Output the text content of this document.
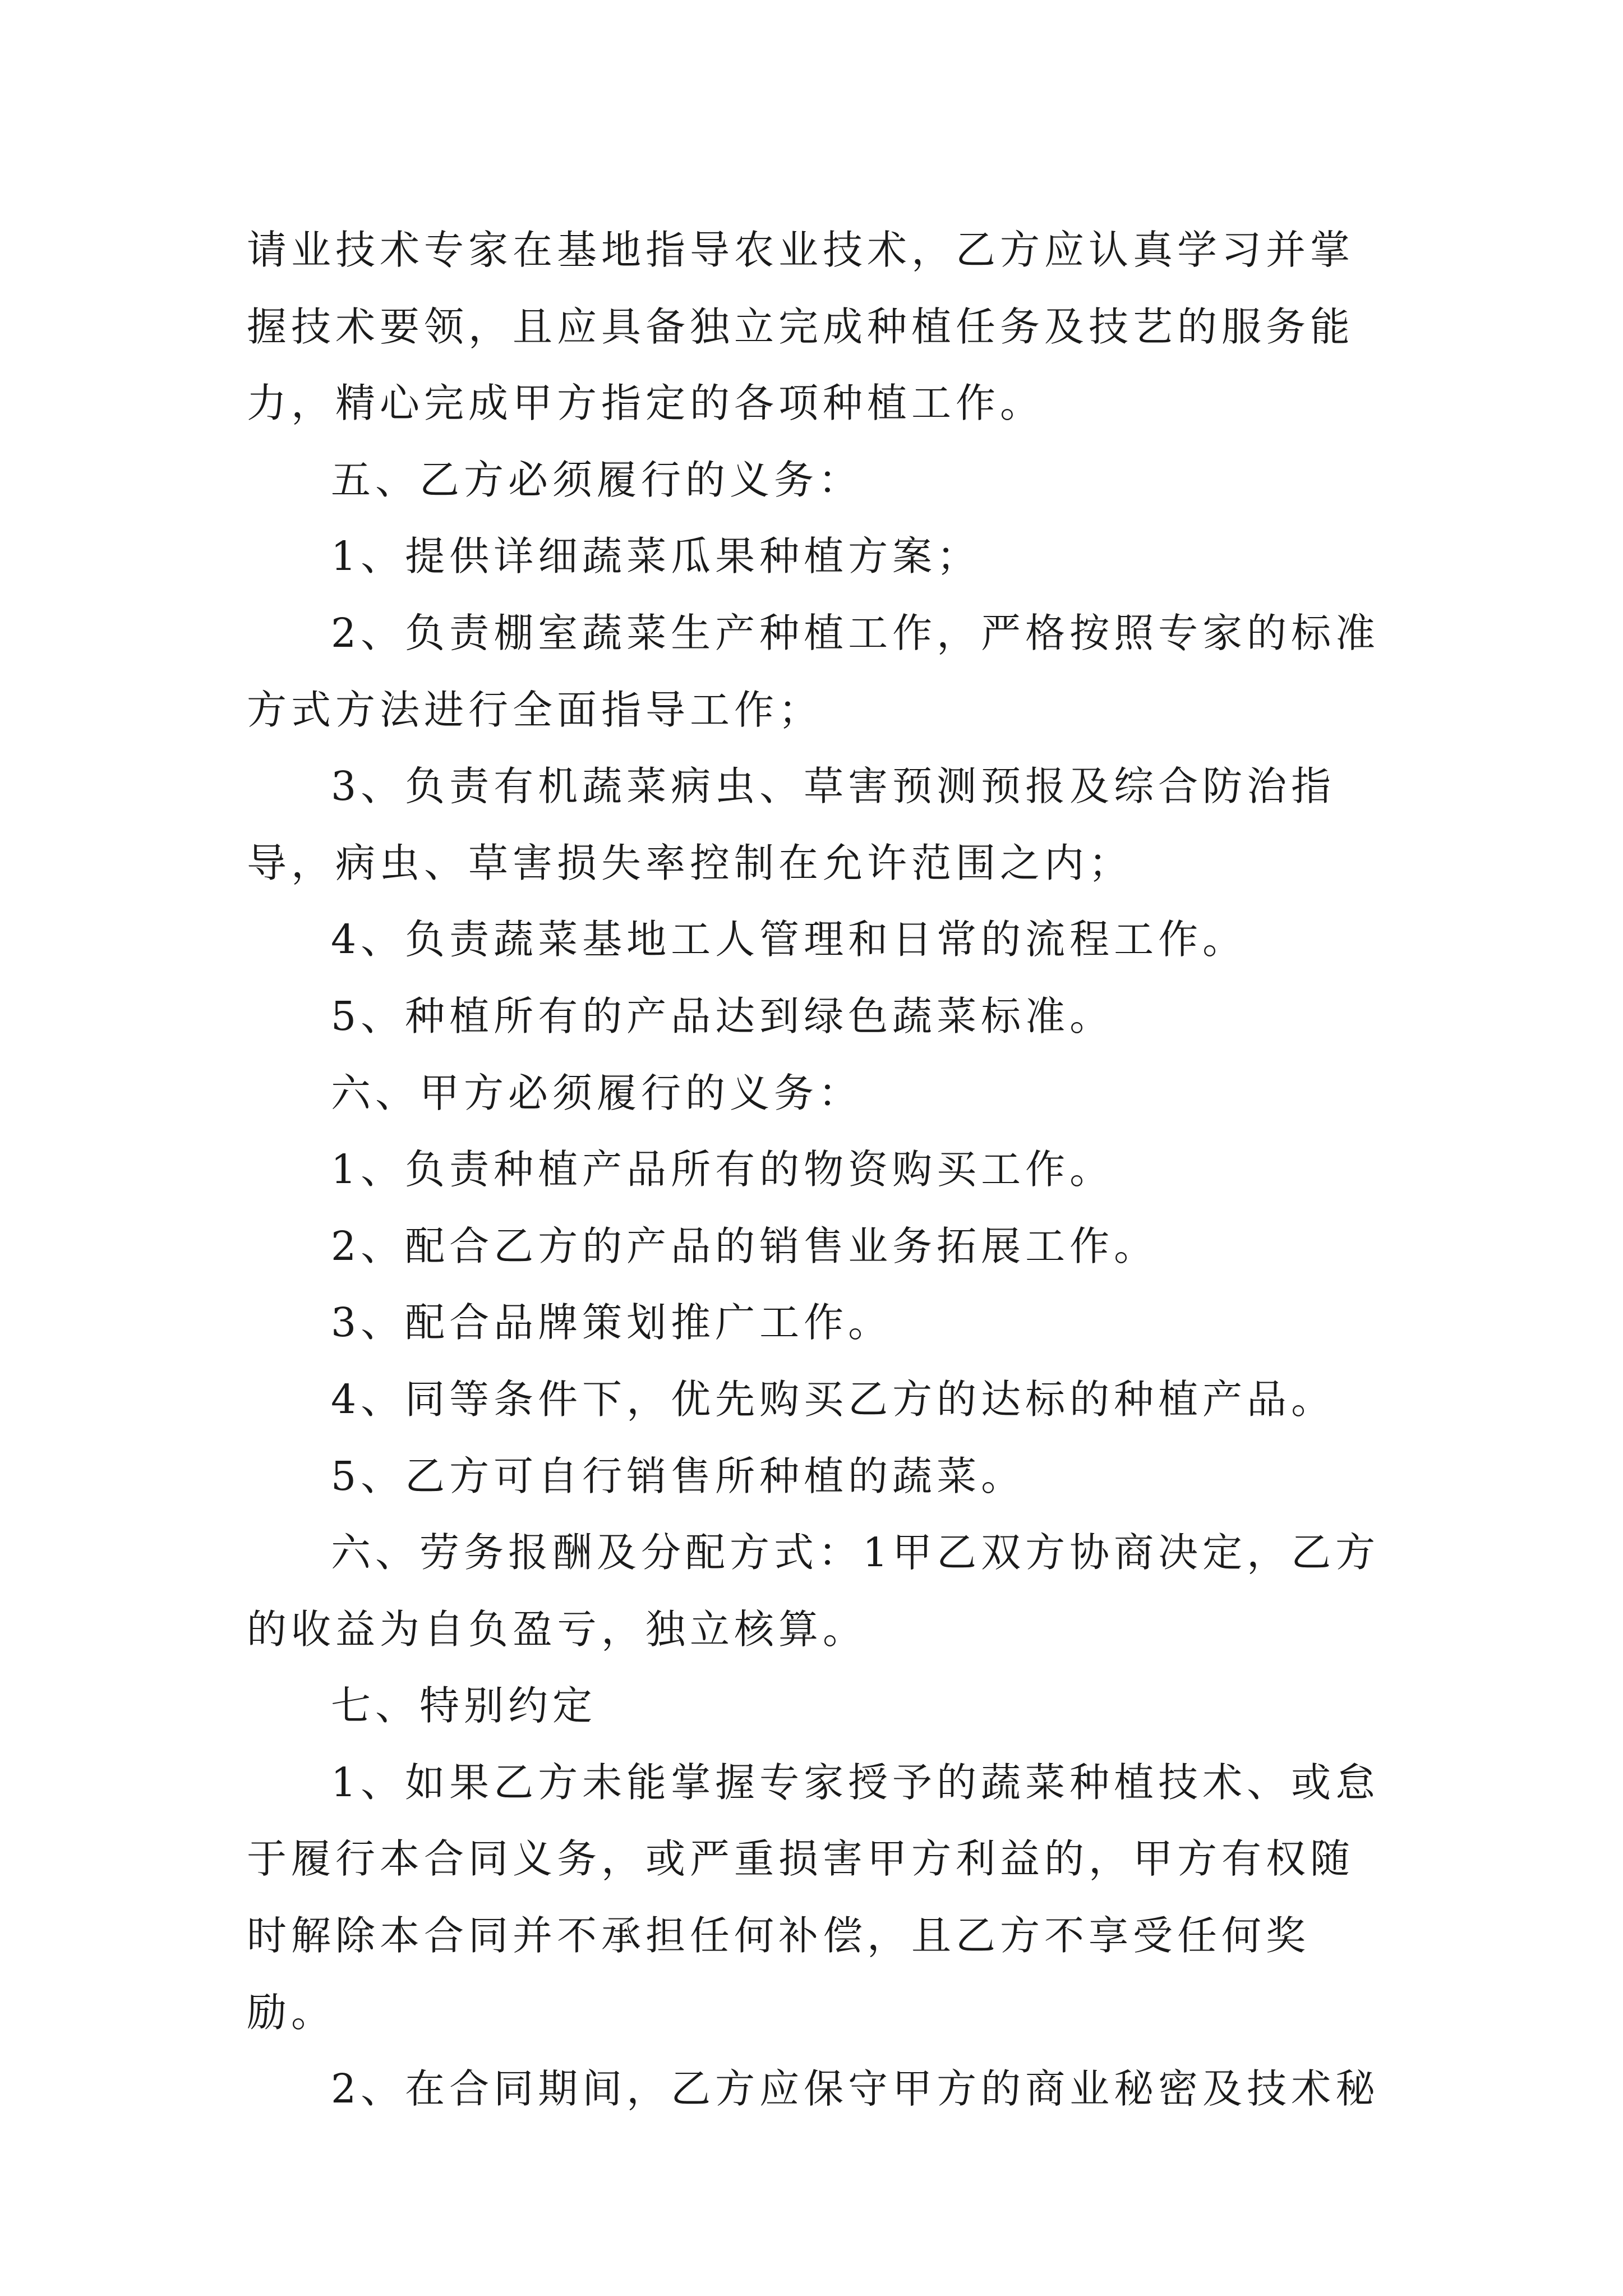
请业技术专家在基地指导农业技术，乙方应认真学习并掌握技术要领，且应具备独立完成种植任务及技艺的服务能力，精心完成甲方指定的各项种植工作。

五、乙方必须履行的义务：

1、提供详细蔬菜瓜果种植方案；

2、负责棚室蔬菜生产种植工作，严格按照专家的标准方式方法进行全面指导工作；

3、负责有机蔬菜病虫、草害预测预报及综合防治指导，病虫、草害损失率控制在允许范围之内；

4、负责蔬菜基地工人管理和日常的流程工作。

5、种植所有的产品达到绿色蔬菜标准。

六、甲方必须履行的义务：

1、负责种植产品所有的物资购买工作。

2、配合乙方的产品的销售业务拓展工作。

3、配合品牌策划推广工作。

4、同等条件下，优先购买乙方的达标的种植产品。

5、乙方可自行销售所种植的蔬菜。

六、劳务报酬及分配方式：1甲乙双方协商决定，乙方的收益为自负盈亏，独立核算。

七、特别约定

1、如果乙方未能掌握专家授予的蔬菜种植技术、或怠于履行本合同义务，或严重损害甲方利益的，甲方有权随时解除本合同并不承担任何补偿，且乙方不享受任何奖励。

2、在合同期间，乙方应保守甲方的商业秘密及技术秘
